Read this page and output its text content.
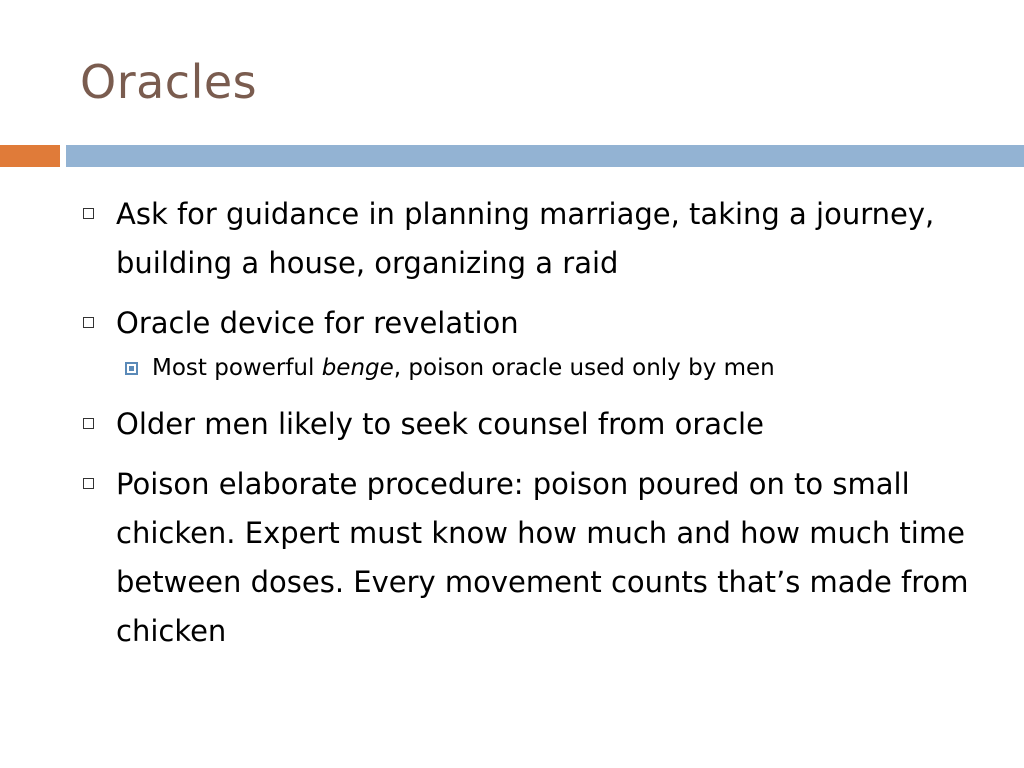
Oracles
Ask for guidance in planning marriage, taking a journey, building a house, organizing a raid
Oracle device for revelation
Most powerful benge, poison oracle used only by men
Older men likely to seek counsel from oracle
Poison elaborate procedure: poison poured on to small chicken. Expert must know how much and how much time between doses. Every movement counts that’s made from chicken
